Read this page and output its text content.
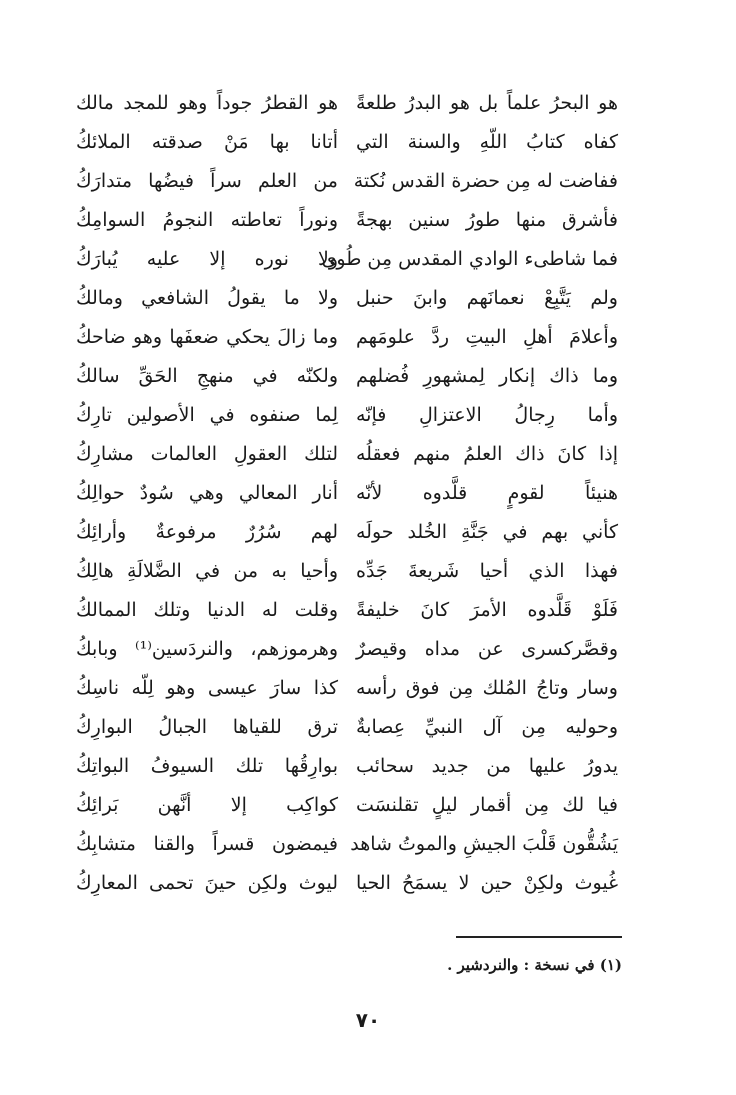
هو البحرُ علماً بل هو البدرُ طلعةً
هو القطرُ جوداً وهو للمجد مالك
كفاه كتابُ اللّهِ والسنة التي
أتانا بها مَنْ صدقته الملائكُ
ففاضت له مِن حضرة القدس نُكتة
من العلم سراً فيضُها متدارَكُ
فأشرق منها طورُ سنين بهجةً
ونوراً تعاطته النجومُ السوامِكُ
فما شاطىء الوادي المقدس مِن طُوى
ولا نوره إلا عليه يُبارَكُ
ولم يَتَّبِعْ نعمانَهم وابنَ حنبل
ولا ما يقولُ الشافعي ومالكُ
وأعلامَ أهلِ البيتِ ردَّ علومَهم
وما زالَ يحكي ضعفَها وهو ضاحكُ
وما ذاك إنكار لِمشهورِ فُضلهم
ولكنّه في منهجِ الحَقِّ سالكُ
وأما رِجالُ الاعتزالِ فإنّه
لِما صنفوه في الأصولين تارِكُ
إذا كانَ ذاك العلمُ منهم فعقلُه
لتلك العقولِ العالمات مشارِكُ
هنيئاً لقومٍ قلَّدوه لأنّه
أنار المعالي وهي سُودٌ حوالِكُ
كأني بهم في جَنَّةِ الخُلد حولَه
لهم سُرُرٌ مرفوعةٌ وأرائِكُ
فهذا الذي أحيا شَريعةَ جَدِّه
وأحيا به من في الضَّلالَةِ هالِكُ
فَلَوْ قَلَّدوه الأمرَ كانَ خليفةً
وقلت له الدنيا وتلك الممالكُ
وقصَّركسرى عن مداه وقيصرٌ
وهرموزهم، والنردَسين⁽¹⁾ وبابكُ
وسار وتاجُ المُلك مِن فوق رأسه
كذا سارَ عيسى وهو لِلّه ناسِكُ
وحوليه مِن آل النبيِّ عِصابةٌ
ترق للقياها الجبالُ البوارِكُ
يدورُ عليها من جديد سحائب
بوارِقُها تلك السيوفُ البواتِكُ
فيا لك مِن أقمار ليلٍ تقلنسَت
كواكِب إلا أنَّهن بَرائِكُ
يَشُقُّون قَلْبَ الجيشِ والموتُ شاهد
فيمضون قسراً والقنا متشابِكُ
غُيوث ولكِنْ حين لا يسمَحُ الحيا
ليوث ولكِن حينَ تحمى المعارِكُ
(١) في نسخة : والنردشير .
٧٠
